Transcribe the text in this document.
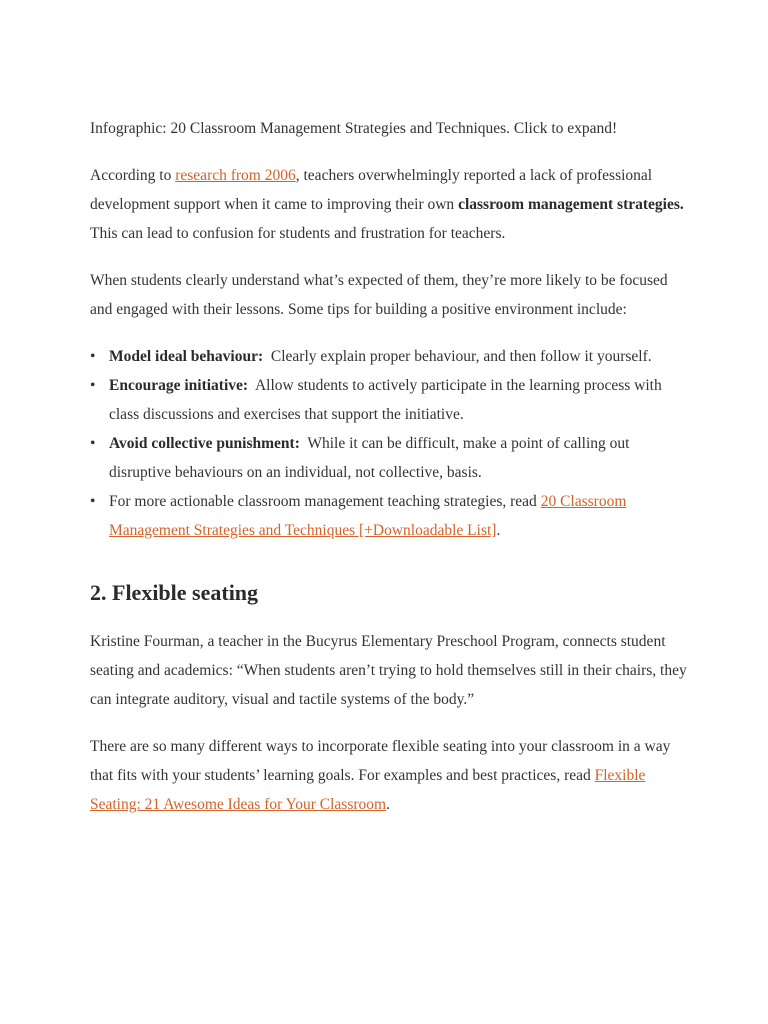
Infographic: 20 Classroom Management Strategies and Techniques. Click to expand!

According to research from 2006, teachers overwhelmingly reported a lack of professional development support when it came to improving their own classroom management strategies. This can lead to confusion for students and frustration for teachers.

When students clearly understand what’s expected of them, they’re more likely to be focused and engaged with their lessons. Some tips for building a positive environment include:

• Model ideal behaviour: Clearly explain proper behaviour, and then follow it yourself.
• Encourage initiative: Allow students to actively participate in the learning process with class discussions and exercises that support the initiative.
• Avoid collective punishment: While it can be difficult, make a point of calling out disruptive behaviours on an individual, not collective, basis.
• For more actionable classroom management teaching strategies, read 20 Classroom Management Strategies and Techniques [+Downloadable List].
2. Flexible seating

Kristine Fourman, a teacher in the Bucyrus Elementary Preschool Program, connects student seating and academics: “When students aren’t trying to hold themselves still in their chairs, they can integrate auditory, visual and tactile systems of the body.”

There are so many different ways to incorporate flexible seating into your classroom in a way that fits with your students’ learning goals. For examples and best practices, read Flexible Seating: 21 Awesome Ideas for Your Classroom.
